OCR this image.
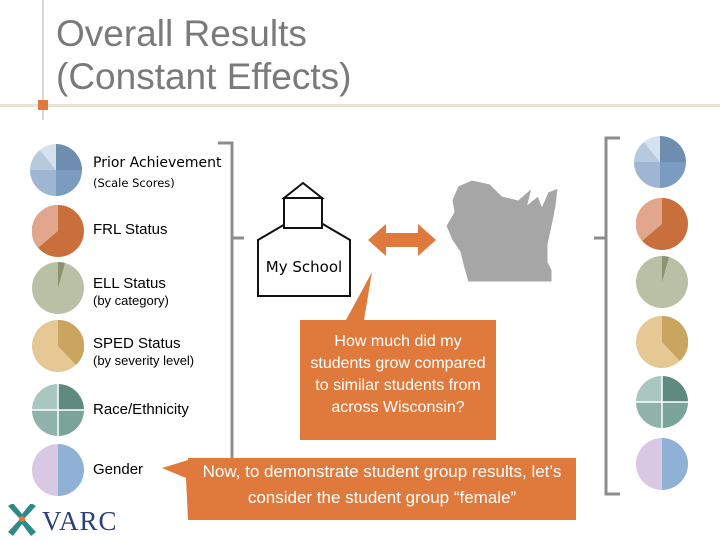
Overall Results
(Constant Effects)
Prior Achievement
(Scale Scores)
FRL Status
ELL Status
(by category)
SPED Status
(by severity level)
Race/Ethnicity
Gender
My School
How much did my students grow compared to similar students from across Wisconsin?
Now, to demonstrate student group results, let’s consider the student group “female”
VARC
